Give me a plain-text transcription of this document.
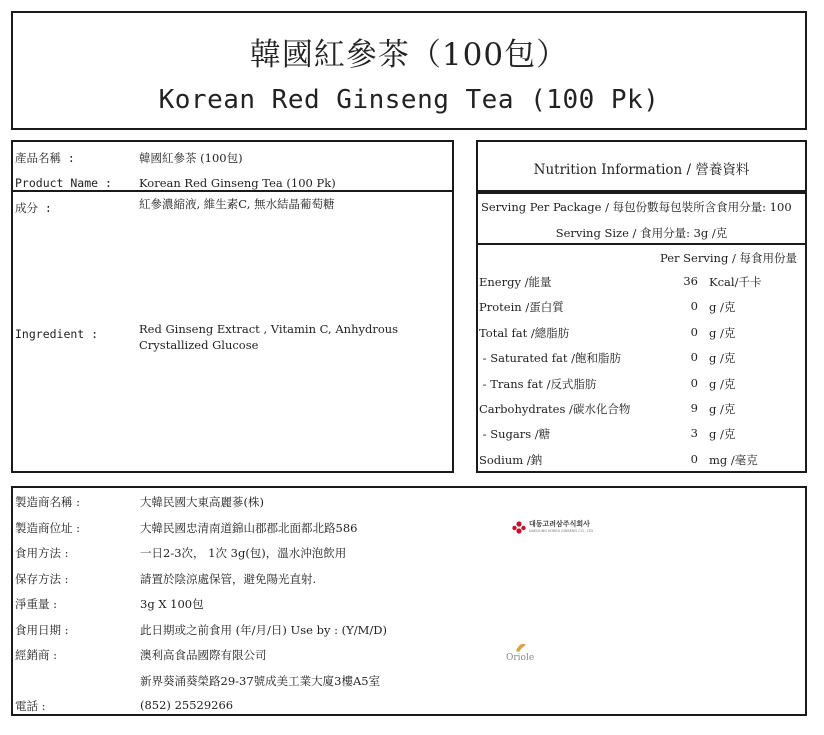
韓國紅參茶（100包）
Korean Red Ginseng Tea (100 Pk)
產品名稱 :	韓國紅參茶 (100包)
Product Name : Korean Red Ginseng Tea (100 Pk)
成分 :	紅參濃縮液, 維生素C, 無水結晶葡萄糖
Ingredient :	Red Ginseng Extract , Vitamin C, Anhydrous
Crystallized Glucose
Nutrition Information / 營養資料
Serving Per Package / 每包份數每包裝所含食用分量: 100
Serving Size / 食用分量: 3g /克
Per Serving / 每食用份量
Energy /能量	36 Kcal/千卡
Protein /蛋白質	0 g /克
Total fat /總脂肪	0 g /克
- Saturated fat /飽和脂肪	0 g /克
- Trans fat /反式脂肪	0 g /克
Carbohydrates /碳水化合物	9 g /克
- Sugars /糖	3 g /克
Sodium /鈉	0 mg /毫克
製造商名稱 :	大韓民國大東高麗蔘(株)
製造商位址 :	大韓民國忠清南道錦山郡郡北面都北路586
食用方法 :	一日2-3次， 1次 3g(包)，溫水沖泡飲用
保存方法 :	請置於陰涼處保管，避免陽光直射.
淨重量 :	3g X 100包
食用日期 :	此日期或之前食用 (年/月/日) Use by : (Y/M/D)
經銷商 :	澳利高食品國際有限公司
新界葵涌葵榮路29-37號成美工業大廈3樓A5室
電話 :	(852) 25529266
대동고려삼주식회사
DAEDONG KOREA GINSENG CO., LTD
Oriole
